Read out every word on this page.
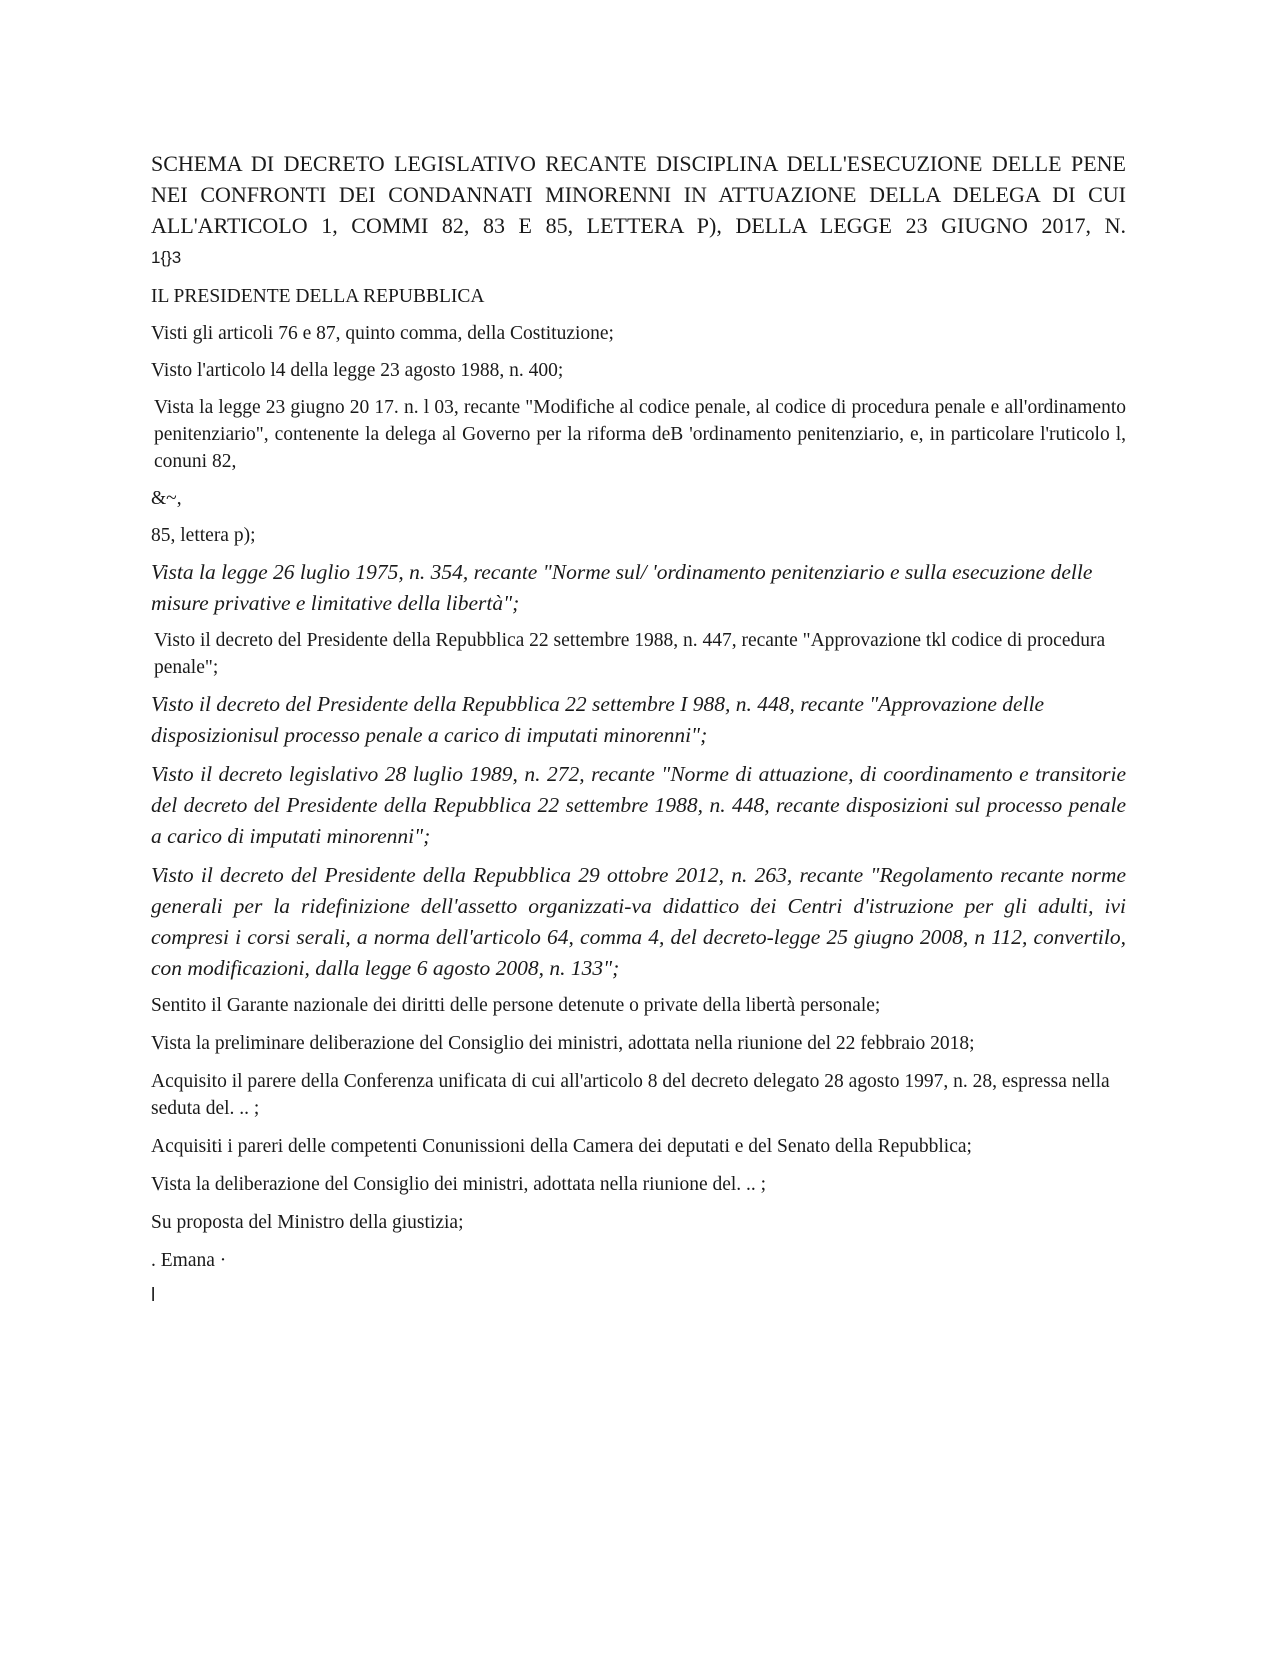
SCHEMA DI DECRETO LEGISLATIVO RECANTE DISCIPLINA DELL'ESECUZIONE DELLE PENE NEI CONFRONTI DEI CONDANNATI MINORENNI IN ATTUAZIONE DELLA DELEGA DI CUI ALL'ARTICOLO 1, COMMI 82, 83 E 85, LETTERA P), DELLA LEGGE 23 GIUGNO 2017, N.

1{}3

IL PRESIDENTE DELLA REPUBBLICA

Visti gli articoli 76 e 87, quinto comma, della Costituzione;

Visto l'articolo l4 della legge 23 agosto 1988, n. 400;

Vista la legge 23 giugno 20 17. n. l 03, recante "Modifiche al codice penale, al codice di procedura penale e all'ordinamento penitenziario", contenente la delega al Governo per la riforma deB 'ordinamento penitenziario, e, in particolare l'ruticolo l, conuni 82,

&~,

85, lettera p);

Vista la legge 26 luglio 1975, n. 354, recante "Norme sul/ 'ordinamento penitenziario e sulla esecuzione delle misure privative e limitative della libertà";

Visto il decreto del Presidente della Repubblica 22 settembre 1988, n. 447, recante "Approvazione tkl codice di procedura penale";

Visto il decreto del Presidente della Repubblica 22 settembre I 988, n. 448, recante "Approvazione delle disposizionisul processo penale a carico di imputati minorenni";

Visto il decreto legislativo 28 luglio 1989, n. 272, recante "Norme di attuazione, di coordinamento e transitorie del decreto del Presidente della Repubblica 22 settembre 1988, n. 448, recante disposizioni sul processo penale a carico di imputati minorenni";

Visto il decreto del Presidente della Repubblica 29 ottobre 2012, n. 263, recante "Regolamento recante norme generali per la ridefinizione dell'assetto organizzati-va didattico dei Centri d'istruzione per gli adulti, ivi compresi i corsi serali, a norma dell'articolo 64, comma 4, del decreto-legge 25 giugno 2008, n 112, convertilo, con modificazioni, dalla legge 6 agosto 2008, n. 133";

Sentito il Garante nazionale dei diritti delle persone detenute o private della libertà personale;

Vista la preliminare deliberazione del Consiglio dei ministri, adottata nella riunione del 22 febbraio 2018;

Acquisito il parere della Conferenza unificata di cui all'articolo 8 del decreto delegato 28 agosto 1997, n. 28, espressa nella seduta del. .. ;

Acquisiti i pareri delle competenti Conunissioni della Camera dei deputati e del Senato della Repubblica;

Vista la deliberazione del Consiglio dei ministri, adottata nella riunione del. .. ;

Su proposta del Ministro della giustizia;

. Emana ·

l
